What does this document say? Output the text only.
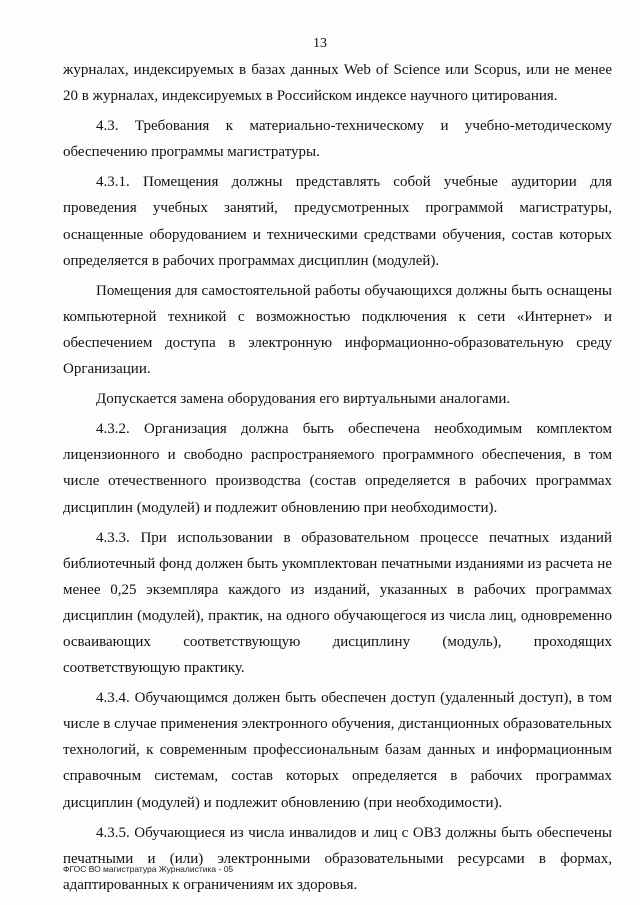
13

журналах, индексируемых в базах данных Web of Science или Scopus, или не менее 20 в журналах, индексируемых в Российском индексе научного цитирования.

4.3. Требования к материально-техническому и учебно-методическому обеспечению программы магистратуры.

4.3.1. Помещения должны представлять собой учебные аудитории для проведения учебных занятий, предусмотренных программой магистратуры, оснащенные оборудованием и техническими средствами обучения, состав которых определяется в рабочих программах дисциплин (модулей).

Помещения для самостоятельной работы обучающихся должны быть оснащены компьютерной техникой с возможностью подключения к сети «Интернет» и обеспечением доступа в электронную информационно-образовательную среду Организации.

Допускается замена оборудования его виртуальными аналогами.

4.3.2. Организация должна быть обеспечена необходимым комплектом лицензионного и свободно распространяемого программного обеспечения, в том числе отечественного производства (состав определяется в рабочих программах дисциплин (модулей) и подлежит обновлению при необходимости).

4.3.3. При использовании в образовательном процессе печатных изданий библиотечный фонд должен быть укомплектован печатными изданиями из расчета не менее 0,25 экземпляра каждого из изданий, указанных в рабочих программах дисциплин (модулей), практик, на одного обучающегося из числа лиц, одновременно осваивающих соответствующую дисциплину (модуль), проходящих соответствующую практику.

4.3.4. Обучающимся должен быть обеспечен доступ (удаленный доступ), в том числе в случае применения электронного обучения, дистанционных образовательных технологий, к современным профессиональным базам данных и информационным справочным системам, состав которых определяется в рабочих программах дисциплин (модулей) и подлежит обновлению (при необходимости).

4.3.5. Обучающиеся из числа инвалидов и лиц с ОВЗ должны быть обеспечены печатными и (или) электронными образовательными ресурсами в формах, адаптированных к ограничениям их здоровья.

ФГОС ВО магистратура Журналистика - 05
